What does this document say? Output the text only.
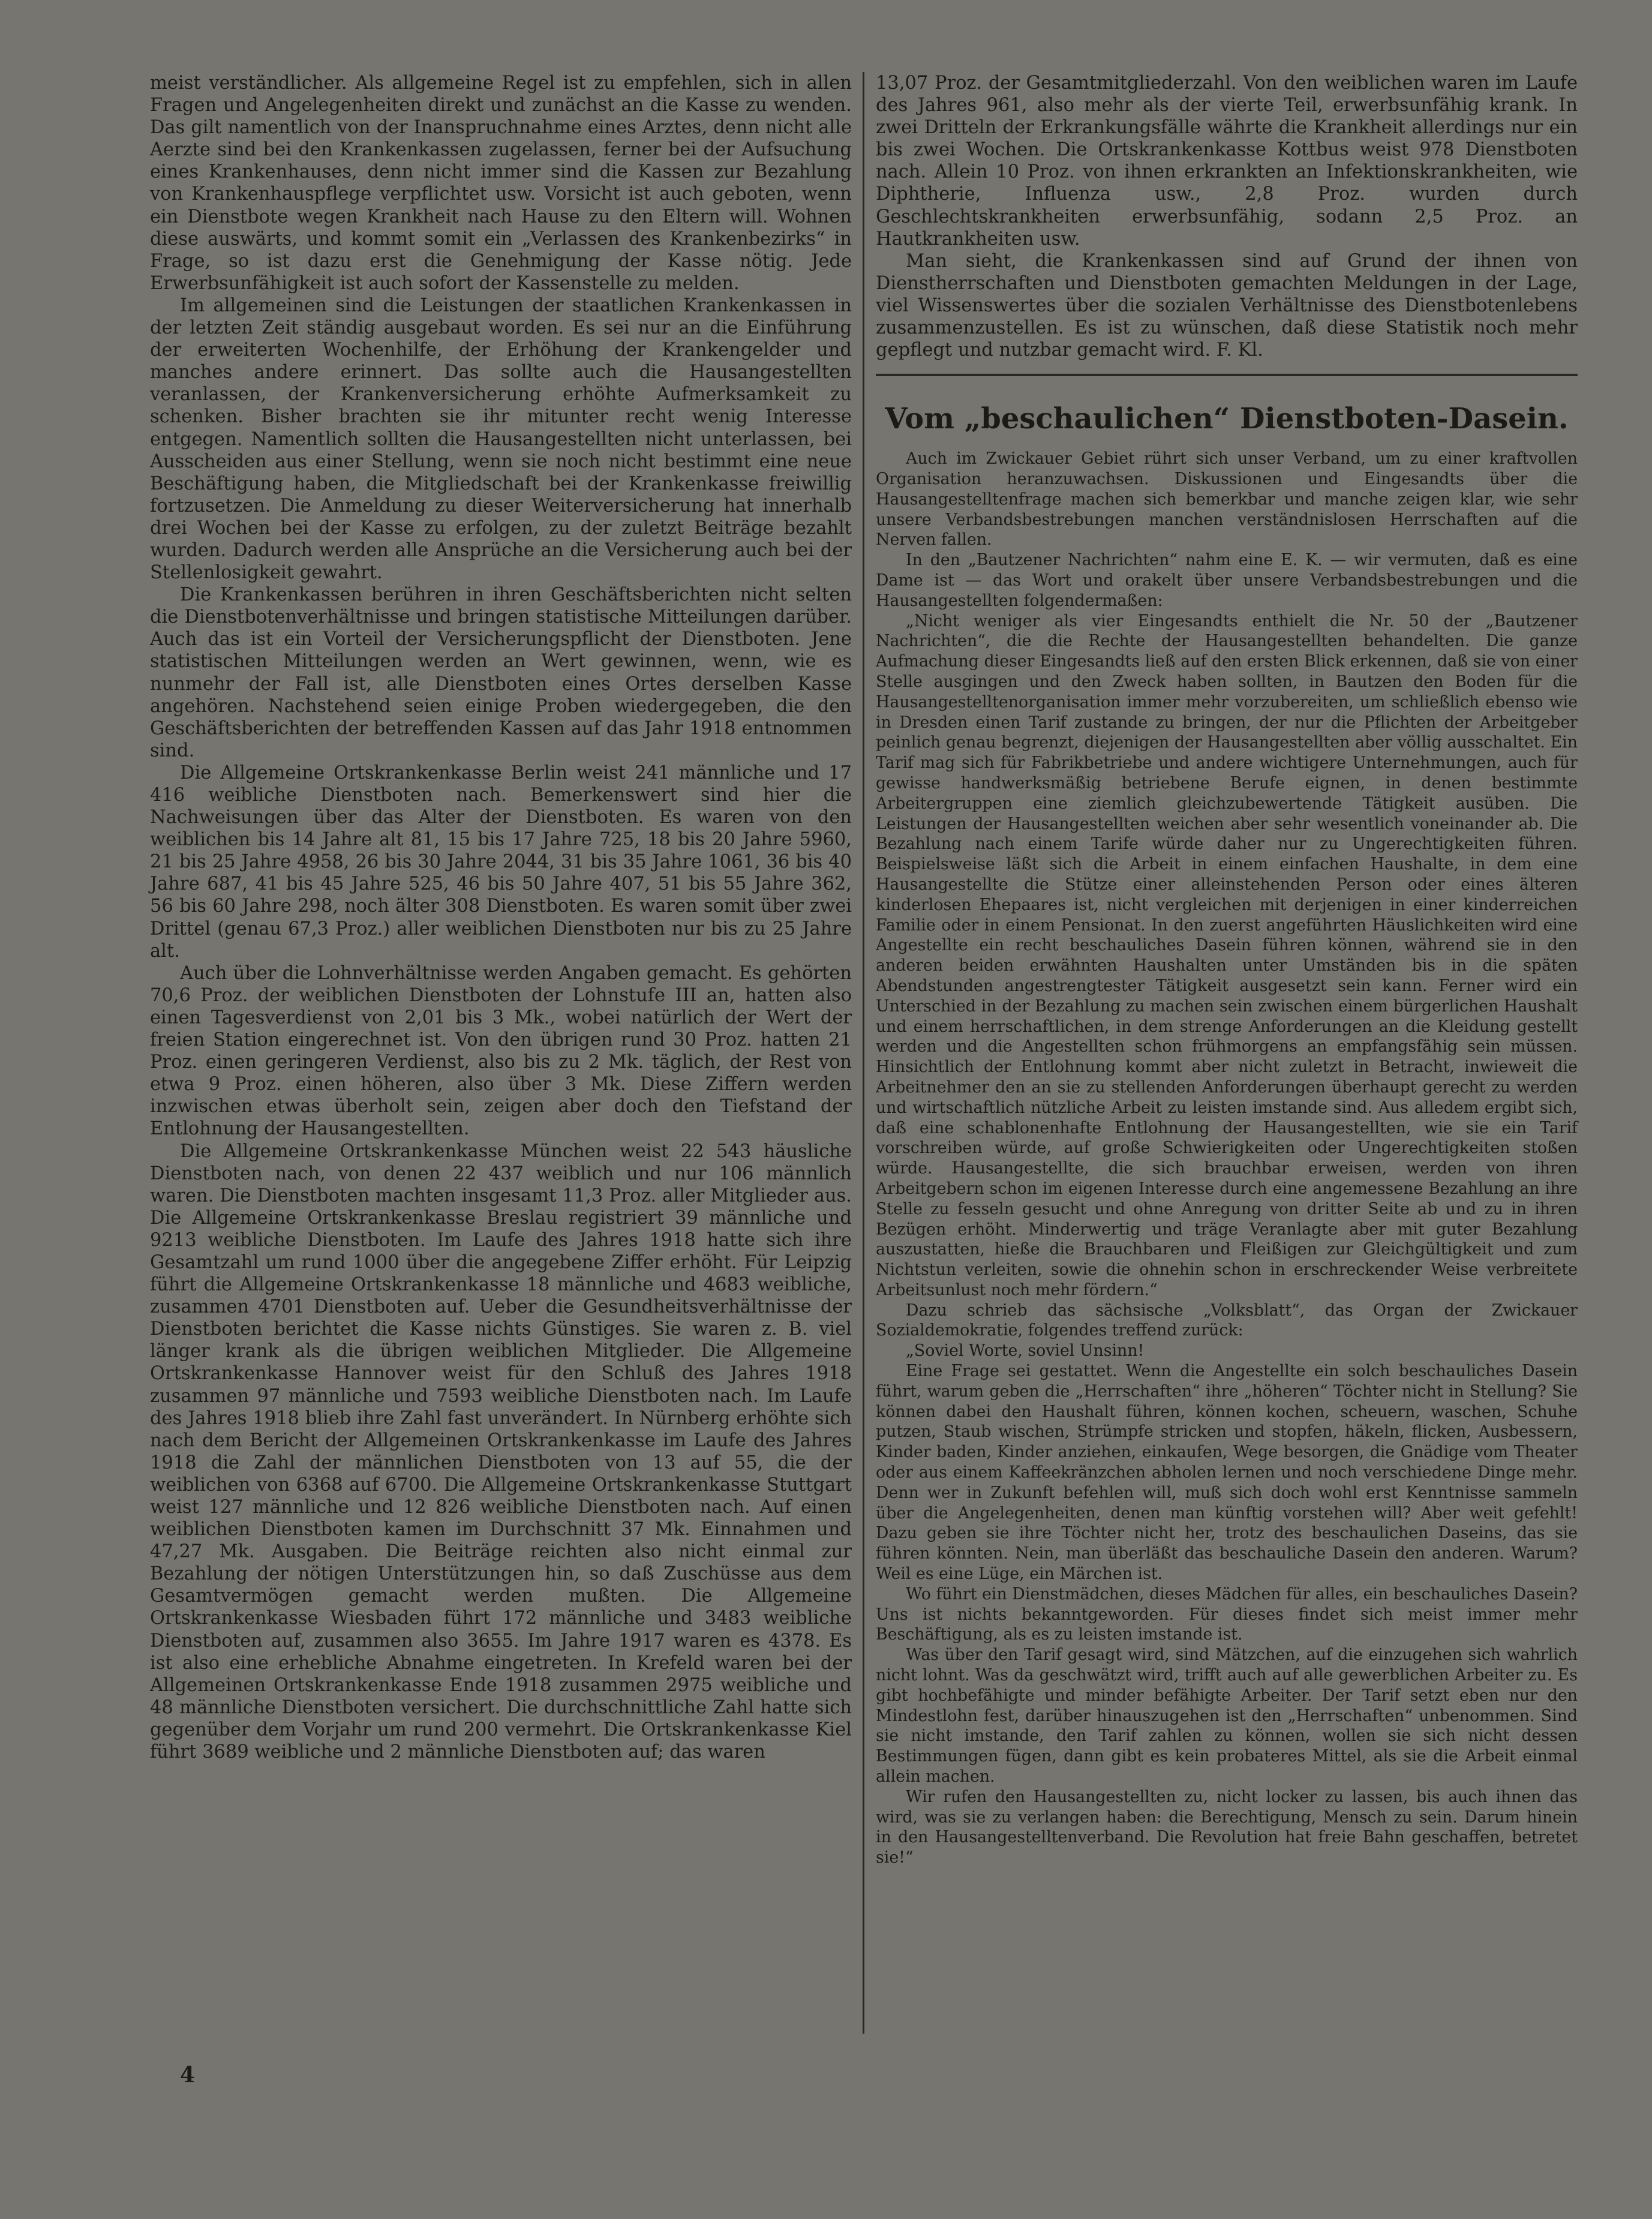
meist verständlicher. Als allgemeine Regel ist zu empfehlen, sich in allen Fragen und Angelegenheiten direkt und zunächst an die Kasse zu wenden. Das gilt namentlich von der Inanspruchnahme eines Arztes, denn nicht alle Aerzte sind bei den Krankenkassen zugelassen, ferner bei der Aufsuchung eines Krankenhauses, denn nicht immer sind die Kassen zur Bezahlung von Krankenhauspflege verpflichtet usw. Vorsicht ist auch geboten, wenn ein Dienstbote wegen Krankheit nach Hause zu den Eltern will. Wohnen diese auswärts, und kommt somit ein „Verlassen des Krankenbezirks“ in Frage, so ist dazu erst die Genehmigung der Kasse nötig. Jede Erwerbsunfähigkeit ist auch sofort der Kassenstelle zu melden.

Im allgemeinen sind die Leistungen der staatlichen Krankenkassen in der letzten Zeit ständig ausgebaut worden. Es sei nur an die Einführung der erweiterten Wochenhilfe, der Erhöhung der Krankengelder und manches andere erinnert. Das sollte auch die Hausangestellten veranlassen, der Krankenversicherung erhöhte Aufmerksamkeit zu schenken. Bisher brachten sie ihr mitunter recht wenig Interesse entgegen. Namentlich sollten die Hausangestellten nicht unterlassen, bei Ausscheiden aus einer Stellung, wenn sie noch nicht bestimmt eine neue Beschäftigung haben, die Mitgliedschaft bei der Krankenkasse freiwillig fortzusetzen. Die Anmeldung zu dieser Weiterversicherung hat innerhalb drei Wochen bei der Kasse zu erfolgen, zu der zuletzt Beiträge bezahlt wurden. Dadurch werden alle Ansprüche an die Versicherung auch bei der Stellenlosigkeit gewahrt.

Die Krankenkassen berühren in ihren Geschäftsberichten nicht selten die Dienstbotenverhältnisse und bringen statistische Mitteilungen darüber. Auch das ist ein Vorteil der Versicherungspflicht der Dienstboten. Jene statistischen Mitteilungen werden an Wert gewinnen, wenn, wie es nunmehr der Fall ist, alle Dienstboten eines Ortes derselben Kasse angehören. Nachstehend seien einige Proben wiedergegeben, die den Geschäftsberichten der betreffenden Kassen auf das Jahr 1918 entnommen sind.

Die Allgemeine Ortskrankenkasse Berlin weist 241 männliche und 17 416 weibliche Dienstboten nach. Bemerkenswert sind hier die Nachweisungen über das Alter der Dienstboten. Es waren von den weiblichen bis 14 Jahre alt 81, 15 bis 17 Jahre 725, 18 bis 20 Jahre 5960, 21 bis 25 Jahre 4958, 26 bis 30 Jahre 2044, 31 bis 35 Jahre 1061, 36 bis 40 Jahre 687, 41 bis 45 Jahre 525, 46 bis 50 Jahre 407, 51 bis 55 Jahre 362, 56 bis 60 Jahre 298, noch älter 308 Dienstboten. Es waren somit über zwei Drittel (genau 67,3 Proz.) aller weiblichen Dienstboten nur bis zu 25 Jahre alt.

Auch über die Lohnverhältnisse werden Angaben gemacht. Es gehörten 70,6 Proz. der weiblichen Dienstboten der Lohnstufe III an, hatten also einen Tagesverdienst von 2,01 bis 3 Mk., wobei natürlich der Wert der freien Station eingerechnet ist. Von den übrigen rund 30 Proz. hatten 21 Proz. einen geringeren Verdienst, also bis zu 2 Mk. täglich, der Rest von etwa 9 Proz. einen höheren, also über 3 Mk. Diese Ziffern werden inzwischen etwas überholt sein, zeigen aber doch den Tiefstand der Entlohnung der Hausangestellten.

Die Allgemeine Ortskrankenkasse München weist 22 543 häusliche Dienstboten nach, von denen 22 437 weiblich und nur 106 männlich waren. Die Dienstboten machten insgesamt 11,3 Proz. aller Mitglieder aus. Die Allgemeine Ortskrankenkasse Breslau registriert 39 männliche und 9213 weibliche Dienstboten. Im Laufe des Jahres 1918 hatte sich ihre Gesamtzahl um rund 1000 über die angegebene Ziffer erhöht. Für Leipzig führt die Allgemeine Ortskrankenkasse 18 männliche und 4683 weibliche, zusammen 4701 Dienstboten auf. Ueber die Gesundheitsverhältnisse der Dienstboten berichtet die Kasse nichts Günstiges. Sie waren z. B. viel länger krank als die übrigen weiblichen Mitglieder. Die Allgemeine Ortskrankenkasse Hannover weist für den Schluß des Jahres 1918 zusammen 97 männliche und 7593 weibliche Dienstboten nach. Im Laufe des Jahres 1918 blieb ihre Zahl fast unverändert. In Nürnberg erhöhte sich nach dem Bericht der Allgemeinen Ortskrankenkasse im Laufe des Jahres 1918 die Zahl der männlichen Dienstboten von 13 auf 55, die der weiblichen von 6368 auf 6700. Die Allgemeine Ortskrankenkasse Stuttgart weist 127 männliche und 12 826 weibliche Dienstboten nach. Auf einen weiblichen Dienstboten kamen im Durchschnitt 37 Mk. Einnahmen und 47,27 Mk. Ausgaben. Die Beiträge reichten also nicht einmal zur Bezahlung der nötigen Unterstützungen hin, so daß Zuschüsse aus dem Gesamtvermögen gemacht werden mußten. Die Allgemeine Ortskrankenkasse Wiesbaden führt 172 männliche und 3483 weibliche Dienstboten auf, zusammen also 3655. Im Jahre 1917 waren es 4378. Es ist also eine erhebliche Abnahme eingetreten. In Krefeld waren bei der Allgemeinen Ortskrankenkasse Ende 1918 zusammen 2975 weibliche und 48 männliche Dienstboten versichert. Die durchschnittliche Zahl hatte sich gegenüber dem Vorjahr um rund 200 vermehrt. Die Ortskrankenkasse Kiel führt 3689 weibliche und 2 männliche Dienstboten auf; das waren

13,07 Proz. der Gesamtmitgliederzahl. Von den weiblichen waren im Laufe des Jahres 961, also mehr als der vierte Teil, erwerbsunfähig krank. In zwei Dritteln der Erkrankungsfälle währte die Krankheit allerdings nur ein bis zwei Wochen. Die Ortskrankenkasse Kottbus weist 978 Dienstboten nach. Allein 10 Proz. von ihnen erkrankten an Infektionskrankheiten, wie Diphtherie, Influenza usw., 2,8 Proz. wurden durch Geschlechtskrankheiten erwerbsunfähig, sodann 2,5 Proz. an Hautkrankheiten usw.

Man sieht, die Krankenkassen sind auf Grund der ihnen von Dienstherrschaften und Dienstboten gemachten Meldungen in der Lage, viel Wissenswertes über die sozialen Verhältnisse des Dienstbotenlebens zusammenzustellen. Es ist zu wünschen, daß diese Statistik noch mehr gepflegt und nutzbar gemacht wird. F. Kl.

Vom „beschaulichen“ Dienstboten-Dasein.

Auch im Zwickauer Gebiet rührt sich unser Verband, um zu einer kraftvollen Organisation heranzuwachsen. Diskussionen und Eingesandts über die Hausangestelltenfrage machen sich bemerkbar und manche zeigen klar, wie sehr unsere Verbandsbestrebungen manchen verständnislosen Herrschaften auf die Nerven fallen.

In den „Bautzener Nachrichten“ nahm eine E. K. — wir vermuten, daß es eine Dame ist — das Wort und orakelt über unsere Verbandsbestrebungen und die Hausangestellten folgendermaßen:

„Nicht weniger als vier Eingesandts enthielt die Nr. 50 der „Bautzener Nachrichten“, die die Rechte der Hausangestellten behandelten. Die ganze Aufmachung dieser Eingesandts ließ auf den ersten Blick erkennen, daß sie von einer Stelle ausgingen und den Zweck haben sollten, in Bautzen den Boden für die Hausangestelltenorganisation immer mehr vorzubereiten, um schließlich ebenso wie in Dresden einen Tarif zustande zu bringen, der nur die Pflichten der Arbeitgeber peinlich genau begrenzt, diejenigen der Hausangestellten aber völlig ausschaltet. Ein Tarif mag sich für Fabrikbetriebe und andere wichtigere Unternehmungen, auch für gewisse handwerksmäßig betriebene Berufe eignen, in denen bestimmte Arbeitergruppen eine ziemlich gleichzubewertende Tätigkeit ausüben. Die Leistungen der Hausangestellten weichen aber sehr wesentlich voneinander ab. Die Bezahlung nach einem Tarife würde daher nur zu Ungerechtigkeiten führen. Beispielsweise läßt sich die Arbeit in einem einfachen Haushalte, in dem eine Hausangestellte die Stütze einer alleinstehenden Person oder eines älteren kinderlosen Ehepaares ist, nicht vergleichen mit derjenigen in einer kinderreichen Familie oder in einem Pensionat. In den zuerst angeführten Häuslichkeiten wird eine Angestellte ein recht beschauliches Dasein führen können, während sie in den anderen beiden erwähnten Haushalten unter Umständen bis in die späten Abendstunden angestrengtester Tätigkeit ausgesetzt sein kann. Ferner wird ein Unterschied in der Bezahlung zu machen sein zwischen einem bürgerlichen Haushalt und einem herrschaftlichen, in dem strenge Anforderungen an die Kleidung gestellt werden und die Angestellten schon frühmorgens an empfangsfähig sein müssen. Hinsichtlich der Entlohnung kommt aber nicht zuletzt in Betracht, inwieweit die Arbeitnehmer den an sie zu stellenden Anforderungen überhaupt gerecht zu werden und wirtschaftlich nützliche Arbeit zu leisten imstande sind. Aus alledem ergibt sich, daß eine schablonenhafte Entlohnung der Hausangestellten, wie sie ein Tarif vorschreiben würde, auf große Schwierigkeiten oder Ungerechtigkeiten stoßen würde. Hausangestellte, die sich brauchbar erweisen, werden von ihren Arbeitgebern schon im eigenen Interesse durch eine angemessene Bezahlung an ihre Stelle zu fesseln gesucht und ohne Anregung von dritter Seite ab und zu in ihren Bezügen erhöht. Minderwertig und träge Veranlagte aber mit guter Bezahlung auszustatten, hieße die Brauchbaren und Fleißigen zur Gleichgültigkeit und zum Nichtstun verleiten, sowie die ohnehin schon in erschreckender Weise verbreitete Arbeitsunlust noch mehr fördern.“

Dazu schrieb das sächsische „Volksblatt“, das Organ der Zwickauer Sozialdemokratie, folgendes treffend zurück:

„Soviel Worte, soviel Unsinn!

Eine Frage sei gestattet. Wenn die Angestellte ein solch beschauliches Dasein führt, warum geben die „Herrschaften“ ihre „höheren“ Töchter nicht in Stellung? Sie können dabei den Haushalt führen, können kochen, scheuern, waschen, Schuhe putzen, Staub wischen, Strümpfe stricken und stopfen, häkeln, flicken, Ausbessern, Kinder baden, Kinder anziehen, einkaufen, Wege besorgen, die Gnädige vom Theater oder aus einem Kaffeekränzchen abholen lernen und noch verschiedene Dinge mehr. Denn wer in Zukunft befehlen will, muß sich doch wohl erst Kenntnisse sammeln über die Angelegenheiten, denen man künftig vorstehen will? Aber weit gefehlt! Dazu geben sie ihre Töchter nicht her, trotz des beschaulichen Daseins, das sie führen könnten. Nein, man überläßt das beschauliche Dasein den anderen. Warum? Weil es eine Lüge, ein Märchen ist.

Wo führt ein Dienstmädchen, dieses Mädchen für alles, ein beschauliches Dasein? Uns ist nichts bekanntgeworden. Für dieses findet sich meist immer mehr Beschäftigung, als es zu leisten imstande ist.

Was über den Tarif gesagt wird, sind Mätzchen, auf die einzugehen sich wahrlich nicht lohnt. Was da geschwätzt wird, trifft auch auf alle gewerblichen Arbeiter zu. Es gibt hochbefähigte und minder befähigte Arbeiter. Der Tarif setzt eben nur den Mindestlohn fest, darüber hinauszugehen ist den „Herrschaften“ unbenommen. Sind sie nicht imstande, den Tarif zahlen zu können, wollen sie sich nicht dessen Bestimmungen fügen, dann gibt es kein probateres Mittel, als sie die Arbeit einmal allein machen.

Wir rufen den Hausangestellten zu, nicht locker zu lassen, bis auch ihnen das wird, was sie zu verlangen haben: die Berechtigung, Mensch zu sein. Darum hinein in den Hausangestelltenverband. Die Revolution hat freie Bahn geschaffen, betretet sie!“

4
